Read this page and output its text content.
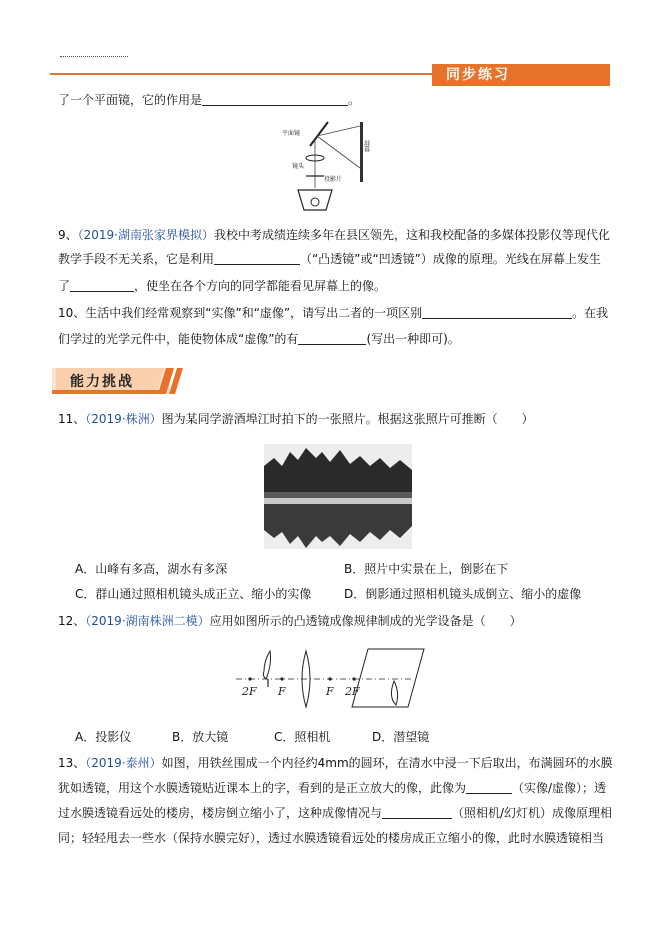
同步练习
了一个平面镜，它的作用是	。
平面镜
镜头
投影片
屏幕
9、（2019·湖南张家界模拟）我校中考成绩连续多年在县区领先，这和我校配备的多媒体投影仪等现代化
教学手段不无关系，它是利用	（“凸透镜”或“凹透镜”）成像的原理。光线在屏幕上发生
了	，使坐在各个方向的同学都能看见屏幕上的像。
10、生活中我们经常观察到“实像”和“虚像”，请写出二者的一项区别	。在我
们学过的光学元件中，能使物体成“虚像”的有	(写出一种即可)。
能力挑战
11、（2019·株洲）图为某同学游酒埠江时拍下的一张照片。根据这张照片可推断（　　）
A．山峰有多高，湖水有多深	B．照片中实景在上，倒影在下
C．群山通过照相机镜头成正立、缩小的实像	D．倒影通过照相机镜头成倒立、缩小的虚像
12、（2019·湖南株洲二模）应用如图所示的凸透镜成像规律制成的光学设备是（　　）
2F F	F 2F
A．投影仪	B．放大镜	C．照相机	D．潜望镜
13、（2019·泰州）如图，用铁丝围成一个内径约4mm的圆环，在清水中浸一下后取出，布满圆环的水膜
犹如透镜，用这个水膜透镜贴近课本上的字，看到的是正立放大的像，此像为	（实像/虚像）；透
过水膜透镜看远处的楼房，楼房倒立缩小了，这种成像情况与	（照相机/幻灯机）成像原理相
同；轻轻甩去一些水（保持水膜完好），透过水膜透镜看远处的楼房成正立缩小的像，此时水膜透镜相当
